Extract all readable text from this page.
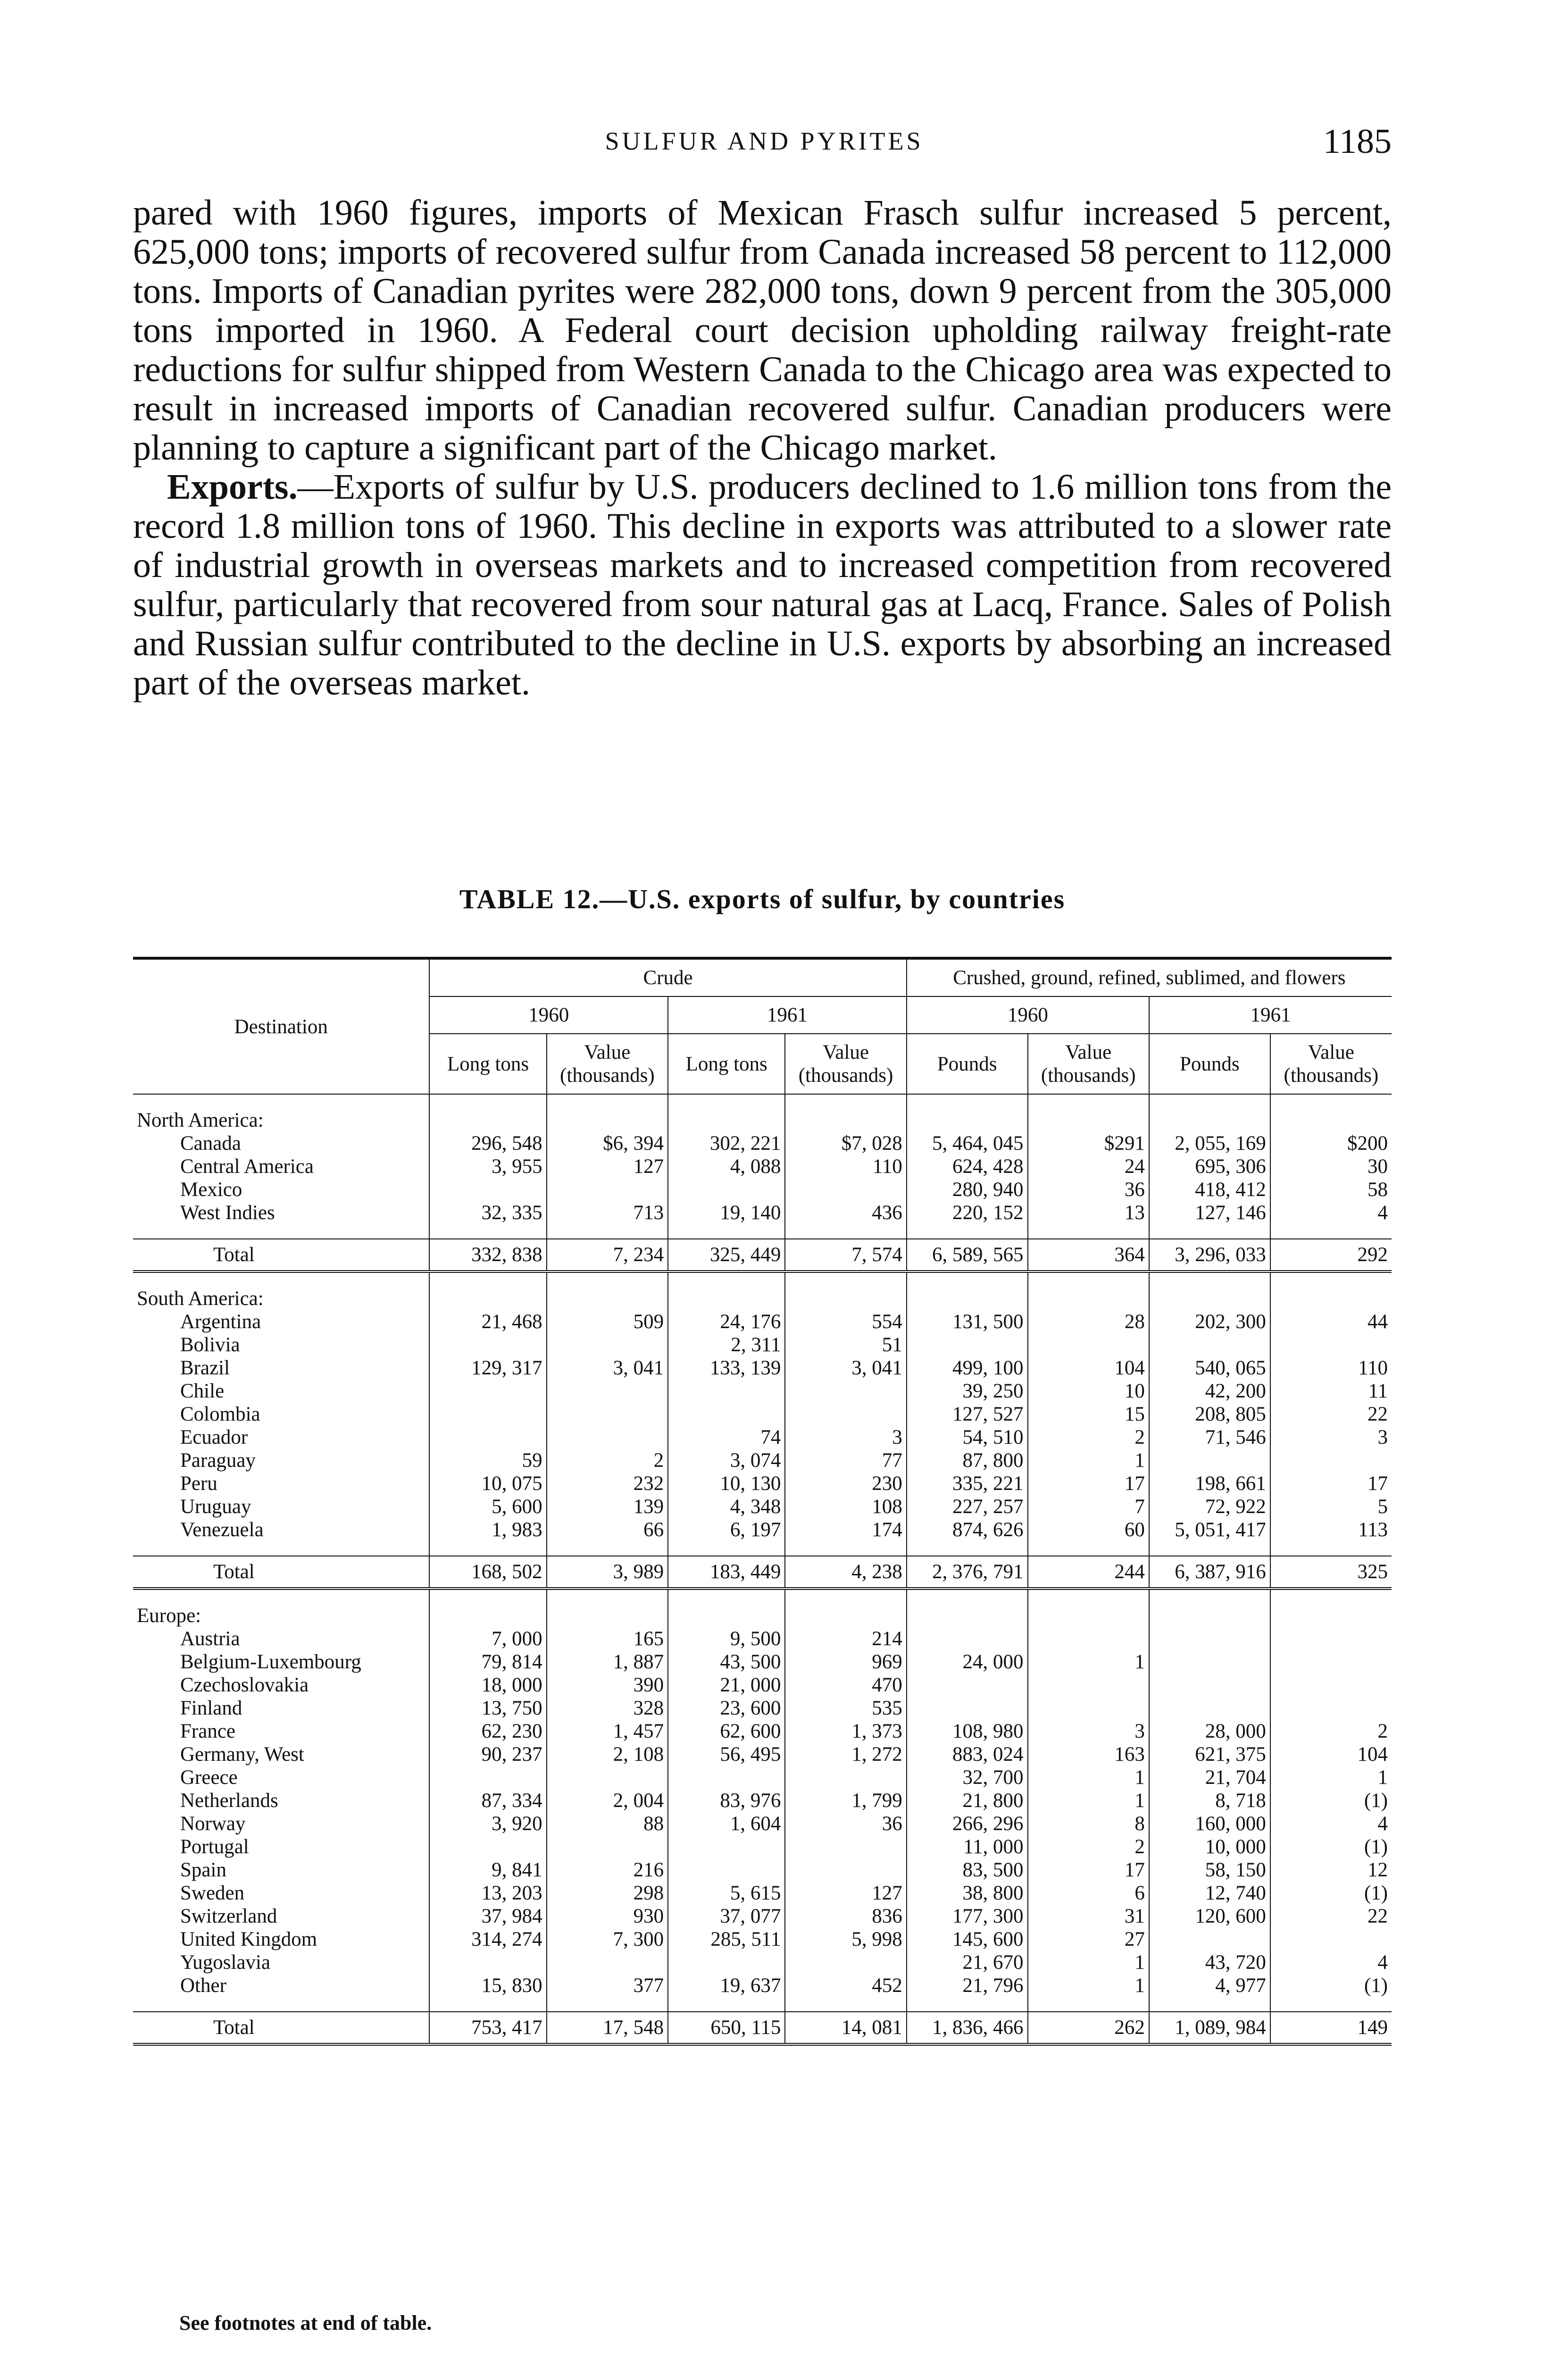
SULFUR AND PYRITES	1185

pared with 1960 figures, imports of Mexican Frasch sulfur increased 5 percent, 625,000 tons; imports of recovered sulfur from Canada increased 58 percent to 112,000 tons. Imports of Canadian pyrites were 282,000 tons, down 9 percent from the 305,000 tons imported in 1960. A Federal court decision upholding railway freight-rate reductions for sulfur shipped from Western Canada to the Chicago area was expected to result in increased imports of Canadian recovered sulfur. Canadian producers were planning to capture a significant part of the Chicago market.

Exports.—Exports of sulfur by U.S. producers declined to 1.6 million tons from the record 1.8 million tons of 1960. This decline in exports was attributed to a slower rate of industrial growth in overseas markets and to increased competition from recovered sulfur, particularly that recovered from sour natural gas at Lacq, France. Sales of Polish and Russian sulfur contributed to the decline in U.S. exports by absorbing an increased part of the overseas market.

TABLE 12.—U.S. exports of sulfur, by countries
Destination	Crude				Crushed, ground, refined, sublimed, and flowers			
	1960		1961		1960		1961	
	Long tons	Value (thousands)	Long tons	Value (thousands)	Pounds	Value (thousands)	Pounds	Value (thousands)

North America:								
Canada	296, 548	$6, 394	302, 221	$7, 028	5, 464, 045	$291	2, 055, 169	$200
Central America	3, 955	127	4, 088	110	624, 428	24	695, 306	30
Mexico					280, 940	36	418, 412	58
West Indies	32, 335	713	19, 140	436	220, 152	13	127, 146	4

Total	332, 838	7, 234	325, 449	7, 574	6, 589, 565	364	3, 296, 033	292

South America:								
Argentina	21, 468	509	24, 176	554	131, 500	28	202, 300	44
Bolivia			2, 311	51				
Brazil	129, 317	3, 041	133, 139	3, 041	499, 100	104	540, 065	110
Chile					39, 250	10	42, 200	11
Colombia					127, 527	15	208, 805	22
Ecuador			74	3	54, 510	2	71, 546	3
Paraguay	59	2	3, 074	77	87, 800	1		
Peru	10, 075	232	10, 130	230	335, 221	17	198, 661	17
Uruguay	5, 600	139	4, 348	108	227, 257	7	72, 922	5
Venezuela	1, 983	66	6, 197	174	874, 626	60	5, 051, 417	113

Total	168, 502	3, 989	183, 449	4, 238	2, 376, 791	244	6, 387, 916	325

Europe:								
Austria	7, 000	165	9, 500	214				
Belgium-Luxembourg	79, 814	1, 887	43, 500	969	24, 000	1		
Czechoslovakia	18, 000	390	21, 000	470				
Finland	13, 750	328	23, 600	535				
France	62, 230	1, 457	62, 600	1, 373	108, 980	3	28, 000	2
Germany, West	90, 237	2, 108	56, 495	1, 272	883, 024	163	621, 375	104
Greece					32, 700	1	21, 704	1
Netherlands	87, 334	2, 004	83, 976	1, 799	21, 800	1	8, 718	(1)
Norway	3, 920	88	1, 604	36	266, 296	8	160, 000	4
Portugal					11, 000	2	10, 000	(1)
Spain	9, 841	216			83, 500	17	58, 150	12
Sweden	13, 203	298	5, 615	127	38, 800	6	12, 740	(1)
Switzerland	37, 984	930	37, 077	836	177, 300	31	120, 600	22
United Kingdom	314, 274	7, 300	285, 511	5, 998	145, 600	27		
Yugoslavia					21, 670	1	43, 720	4
Other	15, 830	377	19, 637	452	21, 796	1	4, 977	(1)

Total	753, 417	17, 548	650, 115	14, 081	1, 836, 466	262	1, 089, 984	149
See footnotes at end of table.
